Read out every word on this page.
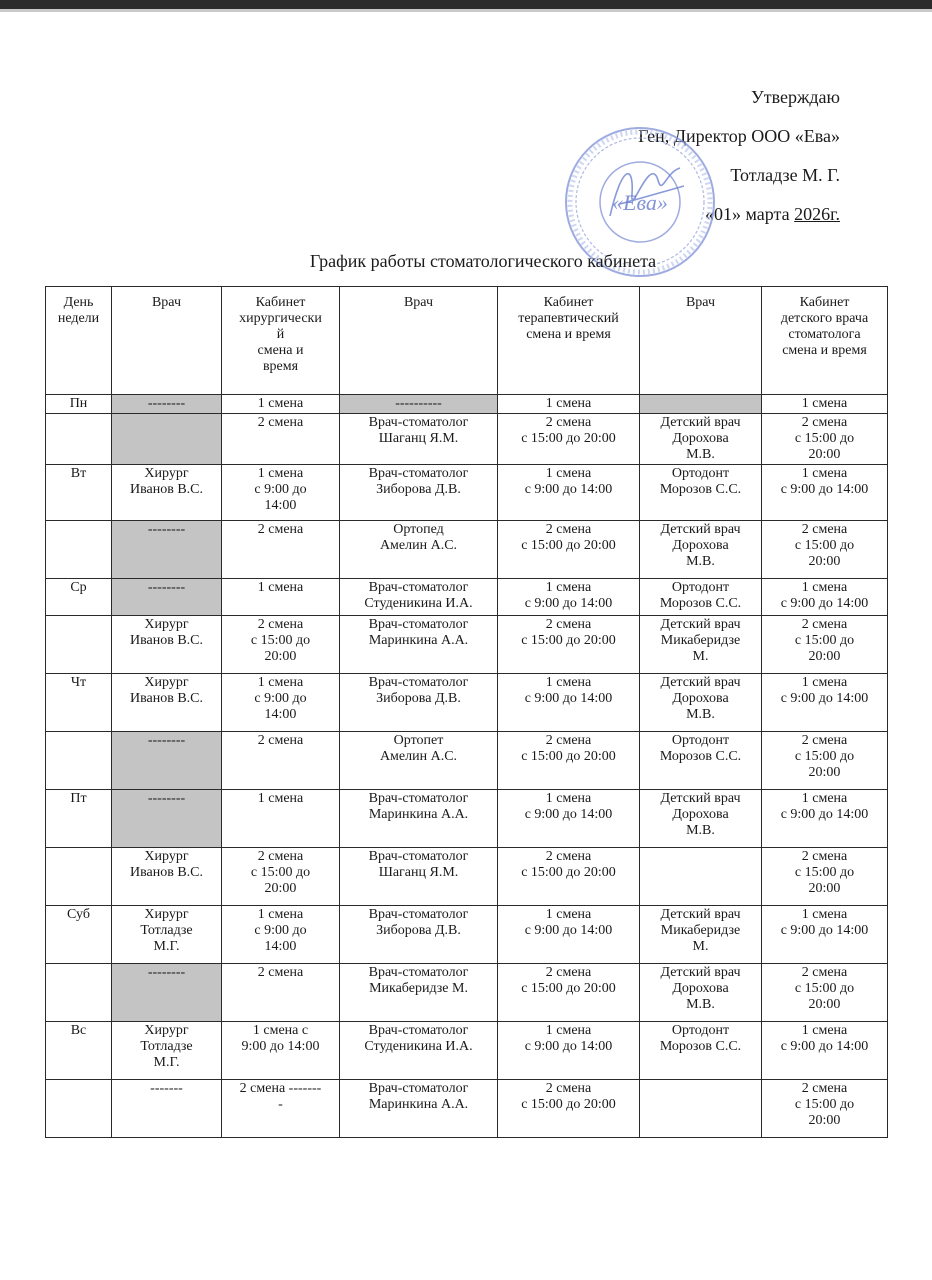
Утверждаю
Ген, Директор ООО «Ева»
Тотладзе М. Г.
«01» марта 2026г.
«Ева»
График работы стоматологического кабинета
День
недели	Врач	Кабинет
хирургически
й
смена и
время	Врач	Кабинет
терапевтический
смена и время	Врач	Кабинет
детского врача
стоматолога
смена и время
Пн	--------	1 смена	----------	1 смена		1 смена
		2 смена	Врач-стоматолог
Шаганц Я.М.	2 смена
с 15:00 до 20:00	Детский врач
Дорохова
М.В.	2 смена
с 15:00 до
20:00
Вт	Хирург
Иванов В.С.	1 смена
с 9:00 до
14:00	Врач-стоматолог
Зиборова Д.В.	1 смена
с 9:00 до 14:00	Ортодонт
Морозов С.С.	1 смена
с 9:00 до 14:00
	--------	2 смена	Ортопед
Амелин А.С.	2 смена
с 15:00 до 20:00	Детский врач
Дорохова
М.В.	2 смена
с 15:00 до
20:00
Ср	--------	1 смена	Врач-стоматолог
Студеникина И.А.	1 смена
с 9:00 до 14:00	Ортодонт
Морозов С.С.	1 смена
с 9:00 до 14:00
	Хирург
Иванов В.С.	2 смена
с 15:00 до
20:00	Врач-стоматолог
Маринкина А.А.	2 смена
с 15:00 до 20:00	Детский врач
Микаберидзе
М.	2 смена
с 15:00 до
20:00
Чт	Хирург
Иванов В.С.	1 смена
с 9:00 до
14:00	Врач-стоматолог
Зиборова Д.В.	1 смена
с 9:00 до 14:00	Детский врач
Дорохова
М.В.	1 смена
с 9:00 до 14:00
	--------	2 смена	Ортопет
Амелин А.С.	2 смена
с 15:00 до 20:00	Ортодонт
Морозов С.С.	2 смена
с 15:00 до
20:00
Пт	--------	1 смена	Врач-стоматолог
Маринкина А.А.	1 смена
с 9:00 до 14:00	Детский врач
Дорохова
М.В.	1 смена
с 9:00 до 14:00
	Хирург
Иванов В.С.	2 смена
с 15:00 до
20:00	Врач-стоматолог
Шаганц Я.М.	2 смена
с 15:00 до 20:00		2 смена
с 15:00 до
20:00
Суб	Хирург
Тотладзе
М.Г.	1 смена
с 9:00 до
14:00	Врач-стоматолог
Зиборова Д.В.	1 смена
с 9:00 до 14:00	Детский врач
Микаберидзе
М.	1 смена
с 9:00 до 14:00
	--------	2 смена	Врач-стоматолог
Микаберидзе М.	2 смена
с 15:00 до 20:00	Детский врач
Дорохова
М.В.	2 смена
с 15:00 до
20:00
Вс	Хирург
Тотладзе
М.Г.	1 смена с
9:00 до 14:00	Врач-стоматолог
Студеникина И.А.	1 смена
с 9:00 до 14:00	Ортодонт
Морозов С.С.	1 смена
с 9:00 до 14:00
	-------	2 смена -------
-	Врач-стоматолог
Маринкина А.А.	2 смена
с 15:00 до 20:00		2 смена
с 15:00 до
20:00
